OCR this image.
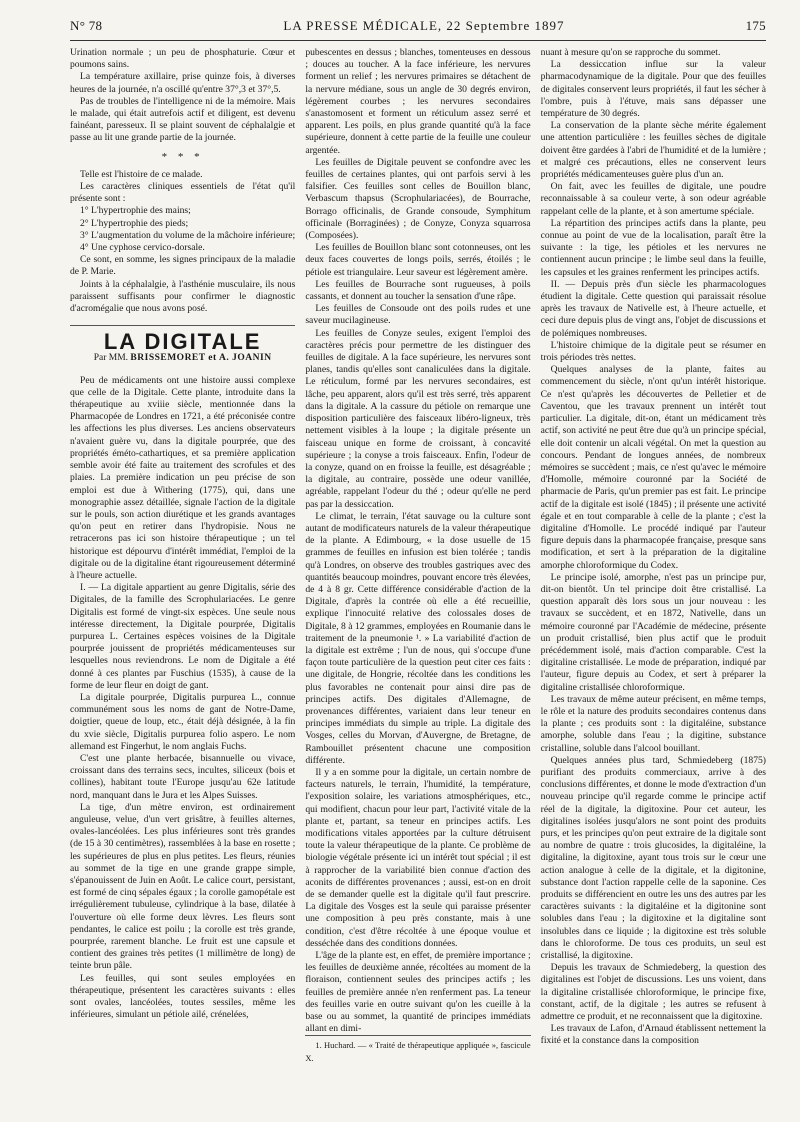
N° 78	LA PRESSE MÉDICALE, 22 Septembre 1897	175

Urination normale ; un peu de phosphaturie. Cœur et poumons sains.

La température axillaire, prise quinze fois, à diverses heures de la journée, n'a oscillé qu'entre 37°,3 et 37°,5.

Pas de troubles de l'intelligence ni de la mémoire. Mais le malade, qui était autrefois actif et diligent, est devenu fainéant, paresseux. Il se plaint souvent de céphalalgie et passe au lit une grande partie de la journée.

* * *

Telle est l'histoire de ce malade.

Les caractères cliniques essentiels de l'état qu'il présente sont :

1° L'hypertrophie des mains;

2° L'hypertrophie des pieds;

3° L'augmentation du volume de la mâchoire inférieure;

4° Une cyphose cervico-dorsale.

Ce sont, en somme, les signes principaux de la maladie de P. Marie.

Joints à la céphalalgie, à l'asthénie musculaire, ils nous paraissent suffisants pour confirmer le diagnostic d'acromégalie que nous avons posé.

LA DIGITALE
Par MM. BRISSEMORET et A. JOANIN

Peu de médicaments ont une histoire aussi complexe que celle de la Digitale. Cette plante, introduite dans la thérapeutique au xviiie siècle, mentionnée dans la Pharmacopée de Londres en 1721, a été préconisée contre les affections les plus diverses. Les anciens observateurs n'avaient guère vu, dans la digitale pourprée, que des propriétés éméto-cathartiques, et sa première application semble avoir été faite au traitement des scrofules et des plaies. La première indication un peu précise de son emploi est due à Withering (1775), qui, dans une monographie assez détaillée, signale l'action de la digitale sur le pouls, son action diurétique et les grands avantages qu'on peut en retirer dans l'hydropisie. Nous ne retracerons pas ici son histoire thérapeutique ; un tel historique est dépourvu d'intérêt immédiat, l'emploi de la digitale ou de la digitaline étant rigoureusement déterminé à l'heure actuelle.

I. — La digitale appartient au genre Digitalis, série des Digitales, de la famille des Scrophulariacées. Le genre Digitalis est formé de vingt-six espèces. Une seule nous intéresse directement, la Digitale pourprée, Digitalis purpurea L. Certaines espèces voisines de la Digitale pourprée jouissent de propriétés médicamenteuses sur lesquelles nous reviendrons. Le nom de Digitale a été donné à ces plantes par Fuschius (1535), à cause de la forme de leur fleur en doigt de gant.

La digitale pourprée, Digitalis purpurea L., connue communément sous les noms de gant de Notre-Dame, doigtier, queue de loup, etc., était déjà désignée, à la fin du xvie siècle, Digitalis purpurea folio aspero. Le nom allemand est Fingerhut, le nom anglais Fuchs.

C'est une plante herbacée, bisannuelle ou vivace, croissant dans des terrains secs, incultes, siliceux (bois et collines), habitant toute l'Europe jusqu'au 62e latitude nord, manquant dans le Jura et les Alpes Suisses.

La tige, d'un mètre environ, est ordinairement anguleuse, velue, d'un vert grisâtre, à feuilles alternes, ovales-lancéolées. Les plus inférieures sont très grandes (de 15 à 30 centimètres), rassemblées à la base en rosette ; les supérieures de plus en plus petites. Les fleurs, réunies au sommet de la tige en une grande grappe simple, s'épanouissent de Juin en Août. Le calice court, persistant, est formé de cinq sépales égaux ; la corolle gamopétale est irrégulièrement tubuleuse, cylindrique à la base, dilatée à l'ouverture où elle forme deux lèvres. Les fleurs sont pendantes, le calice est poilu ; la corolle est très grande, pourprée, rarement blanche. Le fruit est une capsule et contient des graines très petites (1 millimètre de long) de teinte brun pâle.

Les feuilles, qui sont seules employées en thérapeutique, présentent les caractères suivants : elles sont ovales, lancéolées, toutes sessiles, même les inférieures, simulant un pétiole ailé, crénelées,

pubescentes en dessus ; blanches, tomenteuses en dessous ; douces au toucher. A la face inférieure, les nervures forment un relief ; les nervures primaires se détachent de la nervure médiane, sous un angle de 30 degrés environ, légèrement courbes ; les nervures secondaires s'anastomosent et forment un réticulum assez serré et apparent. Les poils, en plus grande quantité qu'à la face supérieure, donnent à cette partie de la feuille une couleur argentée.

Les feuilles de Digitale peuvent se confondre avec les feuilles de certaines plantes, qui ont parfois servi à les falsifier. Ces feuilles sont celles de Bouillon blanc, Verbascum thapsus (Scrophulariacées), de Bourrache, Borrago officinalis, de Grande consoude, Symphitum officinale (Borraginées) ; de Conyze, Conyza squarrosa (Composées).

Les feuilles de Bouillon blanc sont cotonneuses, ont les deux faces couvertes de longs poils, serrés, étoilés ; le pétiole est triangulaire. Leur saveur est légèrement amère.

Les feuilles de Bourrache sont rugueuses, à poils cassants, et donnent au toucher la sensation d'une râpe.

Les feuilles de Consoude ont des poils rudes et une saveur mucilagineuse.

Les feuilles de Conyze seules, exigent l'emploi des caractères précis pour permettre de les distinguer des feuilles de digitale. A la face supérieure, les nervures sont planes, tandis qu'elles sont canaliculées dans la digitale. Le réticulum, formé par les nervures secondaires, est lâche, peu apparent, alors qu'il est très serré, très apparent dans la digitale. A la cassure du pétiole on remarque une disposition particulière des faisceaux libéro-ligneux, très nettement visibles à la loupe ; la digitale présente un faisceau unique en forme de croissant, à concavité supérieure ; la conyse a trois faisceaux. Enfin, l'odeur de la conyze, quand on en froisse la feuille, est désagréable ; la digitale, au contraire, possède une odeur vanillée, agréable, rappelant l'odeur du thé ; odeur qu'elle ne perd pas par la dessiccation.

Le climat, le terrain, l'état sauvage ou la culture sont autant de modificateurs naturels de la valeur thérapeutique de la plante. A Edimbourg, « la dose usuelle de 15 grammes de feuilles en infusion est bien tolérée ; tandis qu'à Londres, on observe des troubles gastriques avec des quantités beaucoup moindres, pouvant encore très élevées, de 4 à 8 gr. Cette différence considérable d'action de la Digitale, d'après la contrée où elle a été recueillie, explique l'innocuité relative des colossales doses de Digitale, 8 à 12 grammes, employées en Roumanie dans le traitement de la pneumonie ¹. » La variabilité d'action de la digitale est extrême ; l'un de nous, qui s'occupe d'une façon toute particulière de la question peut citer ces faits : une digitale, de Hongrie, récoltée dans les conditions les plus favorables ne contenait pour ainsi dire pas de principes actifs. Des digitales d'Allemagne, de provenances différentes, variaient dans leur teneur en principes immédiats du simple au triple. La digitale des Vosges, celles du Morvan, d'Auvergne, de Bretagne, de Rambouillet présentent chacune une composition différente.

Il y a en somme pour la digitale, un certain nombre de facteurs naturels, le terrain, l'humidité, la température, l'exposition solaire, les variations atmosphériques, etc., qui modifient, chacun pour leur part, l'activité vitale de la plante et, partant, sa teneur en principes actifs. Les modifications vitales apportées par la culture détruisent toute la valeur thérapeutique de la plante. Ce problème de biologie végétale présente ici un intérêt tout spécial ; il est à rapprocher de la variabilité bien connue d'action des aconits de différentes provenances ; aussi, est-on en droit de se demander quelle est la digitale qu'il faut prescrire. La digitale des Vosges est la seule qui paraisse présenter une composition à peu près constante, mais à une condition, c'est d'être récoltée à une époque voulue et desséchée dans des conditions données.

L'âge de la plante est, en effet, de première importance ; les feuilles de deuxième année, récoltées au moment de la floraison, contiennent seules des principes actifs ; les feuilles de première année n'en renferment pas. La teneur des feuilles varie en outre suivant qu'on les cueille à la base ou au sommet, la quantité de principes immédiats allant en dimi-

1. Huchard. — « Traité de thérapeutique appliquée », fascicule X.

nuant à mesure qu'on se rapproche du sommet.

La dessiccation influe sur la valeur pharmacodynamique de la digitale. Pour que des feuilles de digitales conservent leurs propriétés, il faut les sécher à l'ombre, puis à l'étuve, mais sans dépasser une température de 30 degrés.

La conservation de la plante sèche mérite également une attention particulière : les feuilles sèches de digitale doivent être gardées à l'abri de l'humidité et de la lumière ; et malgré ces précautions, elles ne conservent leurs propriétés médicamenteuses guère plus d'un an.

On fait, avec les feuilles de digitale, une poudre reconnaissable à sa couleur verte, à son odeur agréable rappelant celle de la plante, et à son amertume spéciale.

La répartition des principes actifs dans la plante, peu connue au point de vue de la localisation, paraît être la suivante : la tige, les pétioles et les nervures ne contiennent aucun principe ; le limbe seul dans la feuille, les capsules et les graines renferment les principes actifs.

II. — Depuis près d'un siècle les pharmacologues étudient la digitale. Cette question qui paraissait résolue après les travaux de Nativelle est, à l'heure actuelle, et ceci dure depuis plus de vingt ans, l'objet de discussions et de polémiques nombreuses.

L'histoire chimique de la digitale peut se résumer en trois périodes très nettes.

Quelques analyses de la plante, faites au commencement du siècle, n'ont qu'un intérêt historique. Ce n'est qu'après les découvertes de Pelletier et de Caventou, que les travaux prennent un intérêt tout particulier. La digitale, dit-on, étant un médicament très actif, son activité ne peut être due qu'à un principe spécial, elle doit contenir un alcali végétal. On met la question au concours. Pendant de longues années, de nombreux mémoires se succèdent ; mais, ce n'est qu'avec le mémoire d'Homolle, mémoire couronné par la Société de pharmacie de Paris, qu'un premier pas est fait. Le principe actif de la digitale est isolé (1845) ; il présente une activité égale et en tout comparable à celle de la plante ; c'est la digitaline d'Homolle. Le procédé indiqué par l'auteur figure depuis dans la pharmacopée française, presque sans modification, et sert à la préparation de la digitaline amorphe chloroformique du Codex.

Le principe isolé, amorphe, n'est pas un principe pur, dit-on bientôt. Un tel principe doit être cristallisé. La question apparaît dès lors sous un jour nouveau : les travaux se succèdent, et en 1872, Nativelle, dans un mémoire couronné par l'Académie de médecine, présente un produit cristallisé, bien plus actif que le produit précédemment isolé, mais d'action comparable. C'est la digitaline cristallisée. Le mode de préparation, indiqué par l'auteur, figure depuis au Codex, et sert à préparer la digitaline cristallisée chloroformique.

Les travaux de même auteur précisent, en même temps, le rôle et la nature des produits secondaires contenus dans la plante ; ces produits sont : la digitaléine, substance amorphe, soluble dans l'eau ; la digitine, substance cristalline, soluble dans l'alcool bouillant.

Quelques années plus tard, Schmiedeberg (1875) purifiant des produits commerciaux, arrive à des conclusions différentes, et donne le mode d'extraction d'un nouveau principe qu'il regarde comme le principe actif réel de la digitale, la digitoxine. Pour cet auteur, les digitalines isolées jusqu'alors ne sont point des produits purs, et les principes qu'on peut extraire de la digitale sont au nombre de quatre : trois glucosides, la digitaléine, la digitaline, la digitoxine, ayant tous trois sur le cœur une action analogue à celle de la digitale, et la digitonine, substance dont l'action rappelle celle de la saponine. Ces produits se différencient en outre les uns des autres par les caractères suivants : la digitaléine et la digitonine sont solubles dans l'eau ; la digitoxine et la digitaline sont insolubles dans ce liquide ; la digitoxine est très soluble dans le chloroforme. De tous ces produits, un seul est cristallisé, la digitoxine.

Depuis les travaux de Schmiedeberg, la question des digitalines est l'objet de discussions. Les uns voient, dans la digitaline cristallisée chloroformique, le principe fixe, constant, actif, de la digitale ; les autres se refusent à admettre ce produit, et ne reconnaissent que la digitoxine.

Les travaux de Lafon, d'Arnaud établissent nettement la fixité et la constance dans la composition
